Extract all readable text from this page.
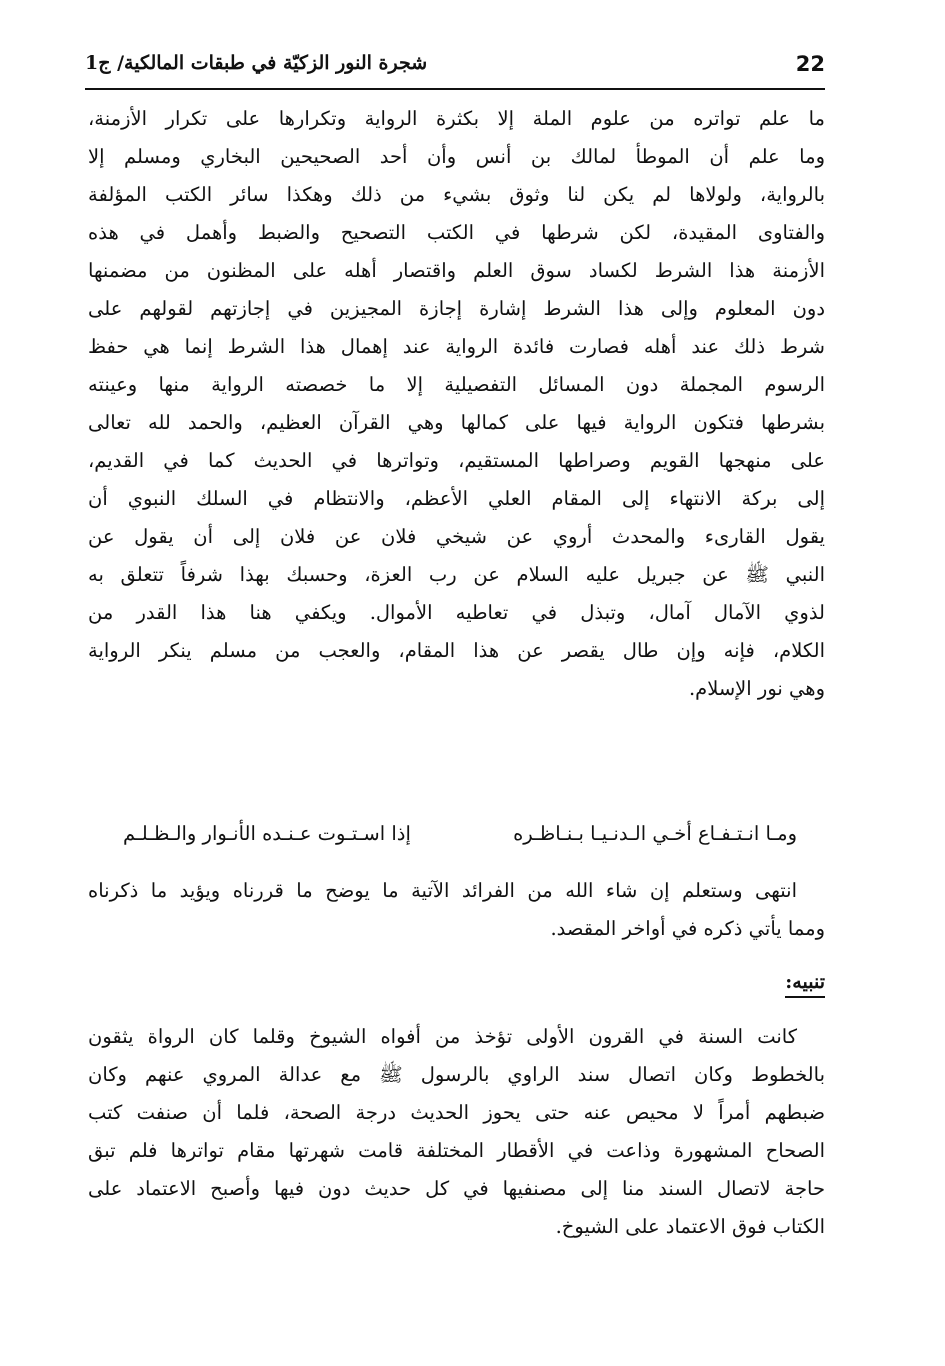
22
شجرة النور الزكيّة في طبقات المالكية/ ج1
ما علم تواتره من علوم الملة إلا بكثرة الرواية وتكرارها على تكرار الأزمنة،
وما علم أن الموطأ لمالك بن أنس وأن أحد الصحيحين البخاري ومسلم إلا
بالرواية، ولولاها لم يكن لنا وثوق بشيء من ذلك وهكذا سائر الكتب المؤلفة
والفتاوى المقيدة، لكن شرطها في الكتب التصحيح والضبط وأهمل في هذه
الأزمنة هذا الشرط لكساد سوق العلم واقتصار أهله على المظنون من مضمنها
دون المعلوم وإلى هذا الشرط إشارة إجازة المجيزين في إجازتهم لقولهم على
شرط ذلك عند أهله فصارت فائدة الرواية عند إهمال هذا الشرط إنما هي حفظ
الرسوم المجملة دون المسائل التفصيلية إلا ما خصصته الرواية منها وعينته
بشرطها فتكون الرواية فيها على كمالها وهي القرآن العظيم، والحمد لله تعالى
على منهجها القويم وصراطها المستقيم، وتواترها في الحديث كما في القديم،
إلى بركة الانتهاء إلى المقام العلي الأعظم، والانتظام في السلك النبوي أن
يقول القارىء والمحدث أروي عن شيخي فلان عن فلان إلى أن يقول عن
النبي ﷺ عن جبريل عليه السلام عن رب العزة، وحسبك بهذا شرفاً تتعلق به
لذوي الآمال آمال، وتبذل في تعاطيه الأموال. ويكفي هنا هذا القدر من
الكلام، فإنه وإن طال يقصر عن هذا المقام، والعجب من مسلم ينكر الرواية
وهي نور الإسلام.
ومـا انـتـفـاع أخـي الـدنـيـا بـنـاظـره
إذا اسـتـوت عـنـده الأنـوار والـظـلـم
انتهى وستعلم إن شاء الله من الفرائد الآتية ما يوضح ما قررناه ويؤيد ما ذكرناه
ومما يأتي ذكره في أواخر المقصد.
تنبيه:
كانت السنة في القرون الأولى تؤخذ من أفواه الشيوخ وقلما كان الرواة يثقون
بالخطوط وكان اتصال سند الراوي بالرسول ﷺ مع عدالة المروي عنهم وكان
ضبطهم أمراً لا محيص عنه حتى يحوز الحديث درجة الصحة، فلما أن صنفت كتب
الصحاح المشهورة وذاعت في الأقطار المختلفة قامت شهرتها مقام تواترها فلم تبق
حاجة لاتصال السند منا إلى مصنفيها في كل حديث دون فيها وأصبح الاعتماد على
الكتاب فوق الاعتماد على الشيوخ.
